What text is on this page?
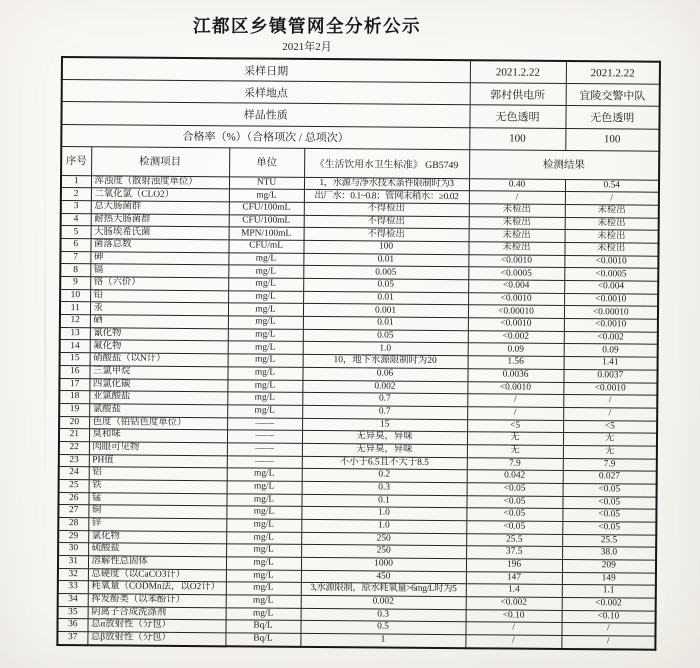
江都区乡镇管网全分析公示
2021年2月
采样日期				2021.2.22	2021.2.22
采样地点				郭村供电所	宜陵交警中队
样品性质				无色透明	无色透明
合格率（%）（合格项次 / 总项次）				100	100
序号	检测项目	单位	《生活饮用水卫生标准》 GB5749	检测结果	
1	浑浊度（散射浊度单位）	NTU	1，水源与净水技术条件限制时为3	0.40	0.54
2	二氧化氯（CLO2）	mg/L	出厂水：0.1~0.8；管网末稍水：≥0.02	/	/
3	总大肠菌群	CFU/100mL	不得检出	未检出	未检出
4	耐热大肠菌群	CFU/100mL	不得检出	未检出	未检出
5	大肠埃希氏菌	MPN/100mL	不得检出	未检出	未检出
6	菌落总数	CFU/mL	100	未检出	未检出
7	砷	mg/L	0.01	<0.0010	<0.0010
8	镉	mg/L	0.005	<0.0005	<0.0005
9	铬（六价）	mg/L	0.05	<0.004	<0.004
10	铅	mg/L	0.01	<0.0010	<0.0010
11	汞	mg/L	0.001	<0.00010	<0.00010
12	硒	mg/L	0.01	<0.0010	<0.0010
13	氰化物	mg/L	0.05	<0.002	<0.002
14	氟化物	mg/L	1.0	0.09	0.09
15	硝酸盐（以N计）	mg/L	10，地下水源限制时为20	1.56	1.41
16	三氯甲烷	mg/L	0.06	0.0036	0.0037
17	四氯化碳	mg/L	0.002	<0.0010	<0.0010
18	亚氯酸盐	mg/L	0.7	/	/
19	氯酸盐	mg/L	0.7	/	/
20	色度（铂钴色度单位）	——	15	<5	<5
21	臭和味	——	无异臭，异味	无	无
22	肉眼可见物	——	无异臭，异味	无	无
23	PH值	——	不小于6.5且不大于8.5	7.9	7.9
24	铝	mg/L	0.2	0.042	0.027
25	铁	mg/L	0.3	<0.05	<0.05
26	锰	mg/L	0.1	<0.05	<0.05
27	铜	mg/L	1.0	<0.05	<0.05
28	锌	mg/L	1.0	<0.05	<0.05
29	氯化物	mg/L	250	25.5	25.5
30	硫酸盐	mg/L	250	37.5	38.0
31	溶解性总固体	mg/L	1000	196	209
32	总硬度（以CaCO3计）	mg/L	450	147	149
33	耗氧量（CODMn法，以O2计）	mg/L	3,水源限制，原水耗氧量>6mg/L时为5	1.4	1.1
34	挥发酚类（以苯酚计）	mg/L	0.002	<0.002	<0.002
35	阴离子合成洗涤剂	mg/L	0.3	<0.10	<0.10
36	总α放射性（分包）	Bq/L	0.5	/	/
37	总β放射性（分包）	Bq/L	1	/	/
